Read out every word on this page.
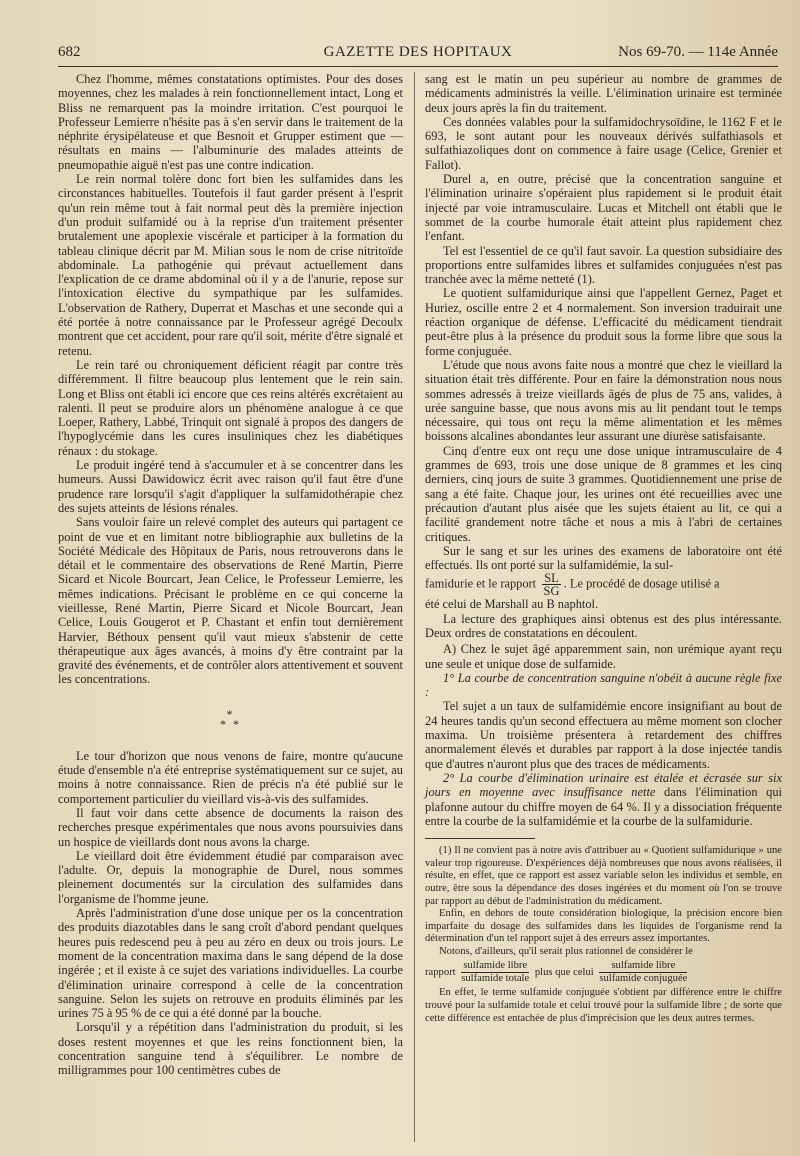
682	GAZETTE DES HOPITAUX	Nos 69-70. — 114e Année

Chez l'homme, mêmes constatations optimistes. Pour des doses moyennes, chez les malades à rein fonctionnellement intact, Long et Bliss ne remarquent pas la moindre irritation. C'est pourquoi le Professeur Lemierre n'hésite pas à s'en servir dans le traitement de la néphrite érysipélateuse et que Besnoit et Grupper estiment que — résultats en mains — l'albuminurie des malades atteints de pneumopathie aiguë n'est pas une contre indication.

Le rein normal tolère donc fort bien les sulfamides dans les circonstances habituelles. Toutefois il faut garder présent à l'esprit qu'un rein même tout à fait normal peut dès la première injection d'un produit sulfamidé ou à la reprise d'un traitement présenter brutalement une apoplexie viscérale et participer à la formation du tableau clinique décrit par M. Milian sous le nom de crise nitritoïde abdominale. La pathogénie qui prévaut actuellement dans l'explication de ce drame abdominal où il y a de l'anurie, repose sur l'intoxication élective du sympathique par les sulfamides. L'observation de Rathery, Duperrat et Maschas et une seconde qui a été portée à notre connaissance par le Professeur agrégé Decoulx montrent que cet accident, pour rare qu'il soit, mérite d'être signalé et retenu.

Le rein taré ou chroniquement déficient réagit par contre très différemment. Il filtre beaucoup plus lentement que le rein sain. Long et Bliss ont établi ici encore que ces reins altérés excrétaient au ralenti. Il peut se produire alors un phénomène analogue à ce que Loeper, Rathery, Labbé, Trinquit ont signalé à propos des dangers de l'hypoglycémie dans les cures insuliniques chez les diabétiques rénaux : du stokage.

Le produit ingéré tend à s'accumuler et à se concentrer dans les humeurs. Aussi Dawidowicz écrit avec raison qu'il faut être d'une prudence rare lorsqu'il s'agit d'appliquer la sulfamidothérapie chez des sujets atteints de lésions rénales.

Sans vouloir faire un relevé complet des auteurs qui partagent ce point de vue et en limitant notre bibliographie aux bulletins de la Société Médicale des Hôpitaux de Paris, nous retrouverons dans le détail et le commentaire des observations de René Martin, Pierre Sicard et Nicole Bourcart, Jean Celice, le Professeur Lemierre, les mêmes indications. Précisant le problème en ce qui concerne la vieillesse, René Martin, Pierre Sicard et Nicole Bourcart, Jean Celice, Louis Gougerot et P. Chastant et enfin tout dernièrement Harvier, Béthoux pensent qu'il vaut mieux s'abstenir de cette thérapeutique aux âges avancés, à moins d'y être contraint par la gravité des événements, et de contrôler alors attentivement et souvent les concentrations.

*
* *

Le tour d'horizon que nous venons de faire, montre qu'aucune étude d'ensemble n'a été entreprise systématiquement sur ce sujet, au moins à notre connaissance. Rien de précis n'a été publié sur le comportement particulier du vieillard vis-à-vis des sulfamides.

Il faut voir dans cette absence de documents la raison des recherches presque expérimentales que nous avons poursuivies dans un hospice de vieillards dont nous avons la charge.

Le vieillard doit être évidemment étudié par comparaison avec l'adulte. Or, depuis la monographie de Durel, nous sommes pleinement documentés sur la circulation des sulfamides dans l'organisme de l'homme jeune.

Après l'administration d'une dose unique per os la concentration des produits diazotables dans le sang croît d'abord pendant quelques heures puis redescend peu à peu au zéro en deux ou trois jours. Le moment de la concentration maxima dans le sang dépend de la dose ingérée ; et il existe à ce sujet des variations individuelles. La courbe d'élimination urinaire correspond à celle de la concentration sanguine. Selon les sujets on retrouve en produits éliminés par les urines 75 à 95 % de ce qui a été donné par la bouche.

Lorsqu'il y a répétition dans l'administration du produit, si les doses restent moyennes et que les reins fonctionnent bien, la concentration sanguine tend à s'équilibrer. Le nombre de milligrammes pour 100 centimètres cubes de

sang est le matin un peu supérieur au nombre de grammes de médicaments administrés la veille. L'élimination urinaire est terminée deux jours après la fin du traitement.

Ces données valables pour la sulfamidochrysoïdine, le 1162 F et le 693, le sont autant pour les nouveaux dérivés sulfathiasols et sulfathiazoliques dont on commence à faire usage (Celice, Grenier et Fallot).

Durel a, en outre, précisé que la concentration sanguine et l'élimination urinaire s'opéraient plus rapidement si le produit était injecté par voie intramusculaire. Lucas et Mitchell ont établi que le sommet de la courbe humorale était atteint plus rapidement chez l'enfant.

Tel est l'essentiel de ce qu'il faut savoir. La question subsidiaire des proportions entre sulfamides libres et sulfamides conjuguées n'est pas tranchée avec la même netteté (1).

Le quotient sulfamidurique ainsi que l'appellent Gernez, Paget et Huriez, oscille entre 2 et 4 normalement. Son inversion traduirait une réaction organique de défense. L'efficacité du médicament tiendrait peut-être plus à la présence du produit sous la forme libre que sous la forme conjuguée.

L'étude que nous avons faite nous a montré que chez le vieillard la situation était très différente. Pour en faire la démonstration nous nous sommes adressés à treize vieillards âgés de plus de 75 ans, valides, à urée sanguine basse, que nous avons mis au lit pendant tout le temps nécessaire, qui tous ont reçu la même alimentation et les mêmes boissons alcalines abondantes leur assurant une diurèse satisfaisante.

Cinq d'entre eux ont reçu une dose unique intramusculaire de 4 grammes de 693, trois une dose unique de 8 grammes et les cinq derniers, cinq jours de suite 3 grammes. Quotidiennement une prise de sang a été faite. Chaque jour, les urines ont été recueillies avec une précaution d'autant plus aisée que les sujets étaient au lit, ce qui a facilité grandement notre tâche et nous a mis à l'abri de certaines critiques.

Sur le sang et sur les urines des examens de laboratoire ont été effectués. Ils ont porté sur la sulfamidémie, la sul-

famidurie et le rapport $\frac{SL}{SG}$ . Le procédé de dosage utilisé a

été celui de Marshall au B naphtol.

La lecture des graphiques ainsi obtenus est des plus intéressante. Deux ordres de constatations en découlent.

A) Chez le sujet âgé apparemment sain, non urémique ayant reçu une seule et unique dose de sulfamide.

1° La courbe de concentration sanguine n'obéit à aucune règle fixe :

Tel sujet a un taux de sulfamidémie encore insignifiant au bout de 24 heures tandis qu'un second effectuera au même moment son clocher maxima. Un troisième présentera à retardement des chiffres anormalement élevés et durables par rapport à la dose injectée tandis que d'autres n'auront plus que des traces de médicaments.

2° La courbe d'élimination urinaire est étalée et écrasée sur six jours en moyenne avec insuffisance nette dans l'élimination qui plafonne autour du chiffre moyen de 64 %. Il y a dissociation fréquente entre la courbe de la sulfamidémie et la courbe de la sulfamidurie.

(1) Il ne convient pas à notre avis d'attribuer au « Quotient sulfamidurique » une valeur trop rigoureuse. D'expériences déjà nombreuses que nous avons réalisées, il résulte, en effet, que ce rapport est assez variable selon les individus et semble, en outre, être sous la dépendance des doses ingérées et du moment où l'on se trouve par rapport au début de l'administration du médicament.

Enfin, en dehors de toute considération biologique, la précision encore bien imparfaite du dosage des sulfamides dans les liquides de l'organisme rend la détermination d'un tel rapport sujet à des erreurs assez importantes.

Notons, d'ailleurs, qu'il serait plus rationnel de considérer le

rapport $\frac{\text{sulfamide libre}}{\text{sulfamide totale}}$ plus que celui $\frac{\text{sulfamide libre}}{\text{sulfamide conjuguée}}$

En effet, le terme sulfamide conjuguée s'obtient par différence entre le chiffre trouvé pour la sulfamide totale et celui trouvé pour la sulfamide libre ; de sorte que cette différence est entachée de plus d'imprécision que les deux autres termes.
